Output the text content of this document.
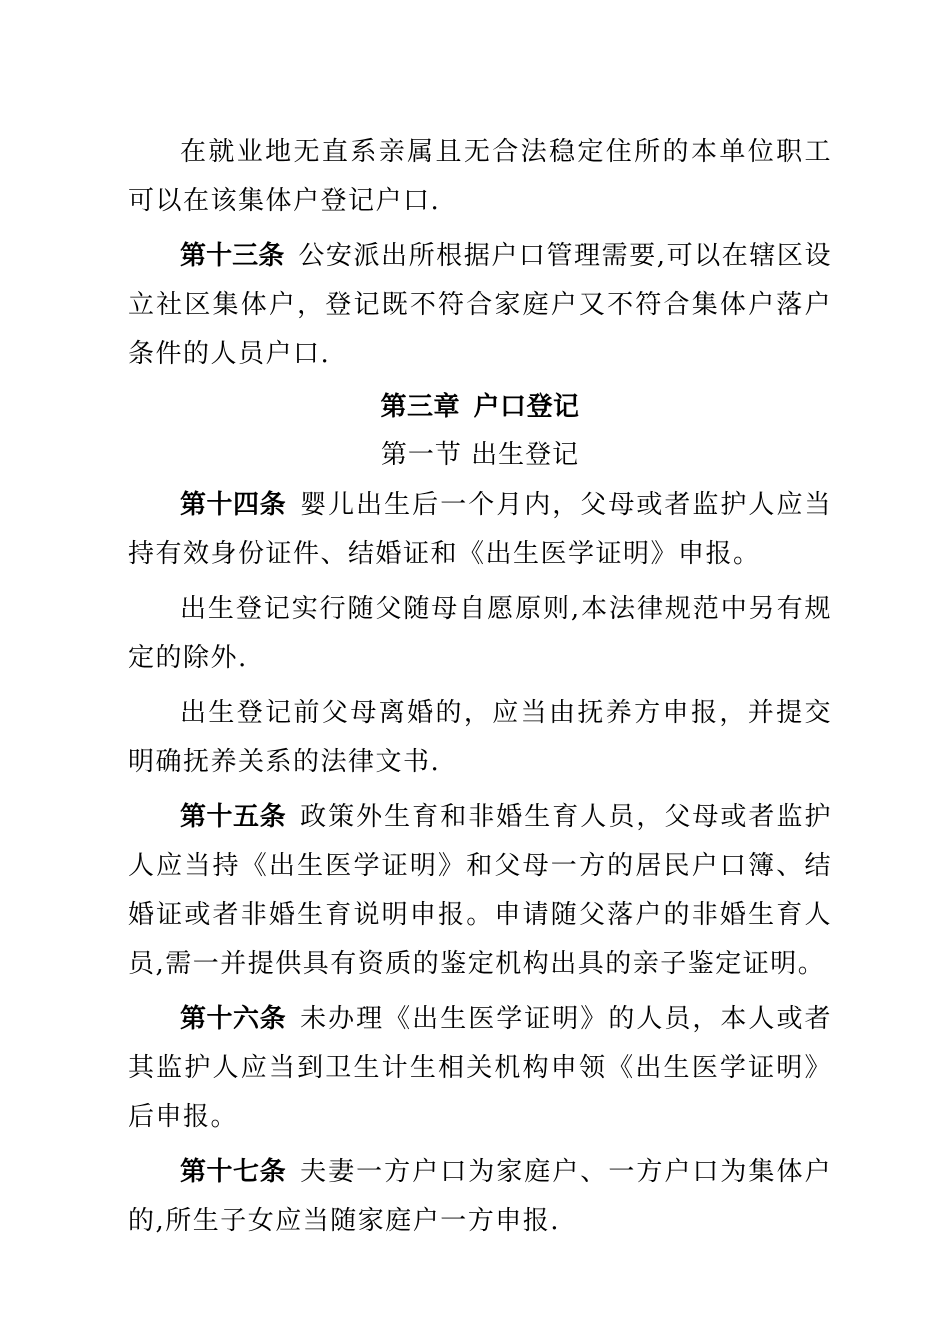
在就业地无直系亲属且无合法稳定住所的本单位职工可以在该集体户登记户口.

第十三条 公安派出所根据户口管理需要,可以在辖区设立社区集体户，登记既不符合家庭户又不符合集体户落户条件的人员户口.

第三章 户口登记
第一节 出生登记

第十四条 婴儿出生后一个月内，父母或者监护人应当持有效身份证件、结婚证和《出生医学证明》申报。

出生登记实行随父随母自愿原则,本法律规范中另有规定的除外.

出生登记前父母离婚的，应当由抚养方申报，并提交明确抚养关系的法律文书.

第十五条 政策外生育和非婚生育人员，父母或者监护人应当持《出生医学证明》和父母一方的居民户口簿、结婚证或者非婚生育说明申报。申请随父落户的非婚生育人员,需一并提供具有资质的鉴定机构出具的亲子鉴定证明。

第十六条 未办理《出生医学证明》的人员，本人或者其监护人应当到卫生计生相关机构申领《出生医学证明》后申报。

第十七条 夫妻一方户口为家庭户、一方户口为集体户的,所生子女应当随家庭户一方申报.
